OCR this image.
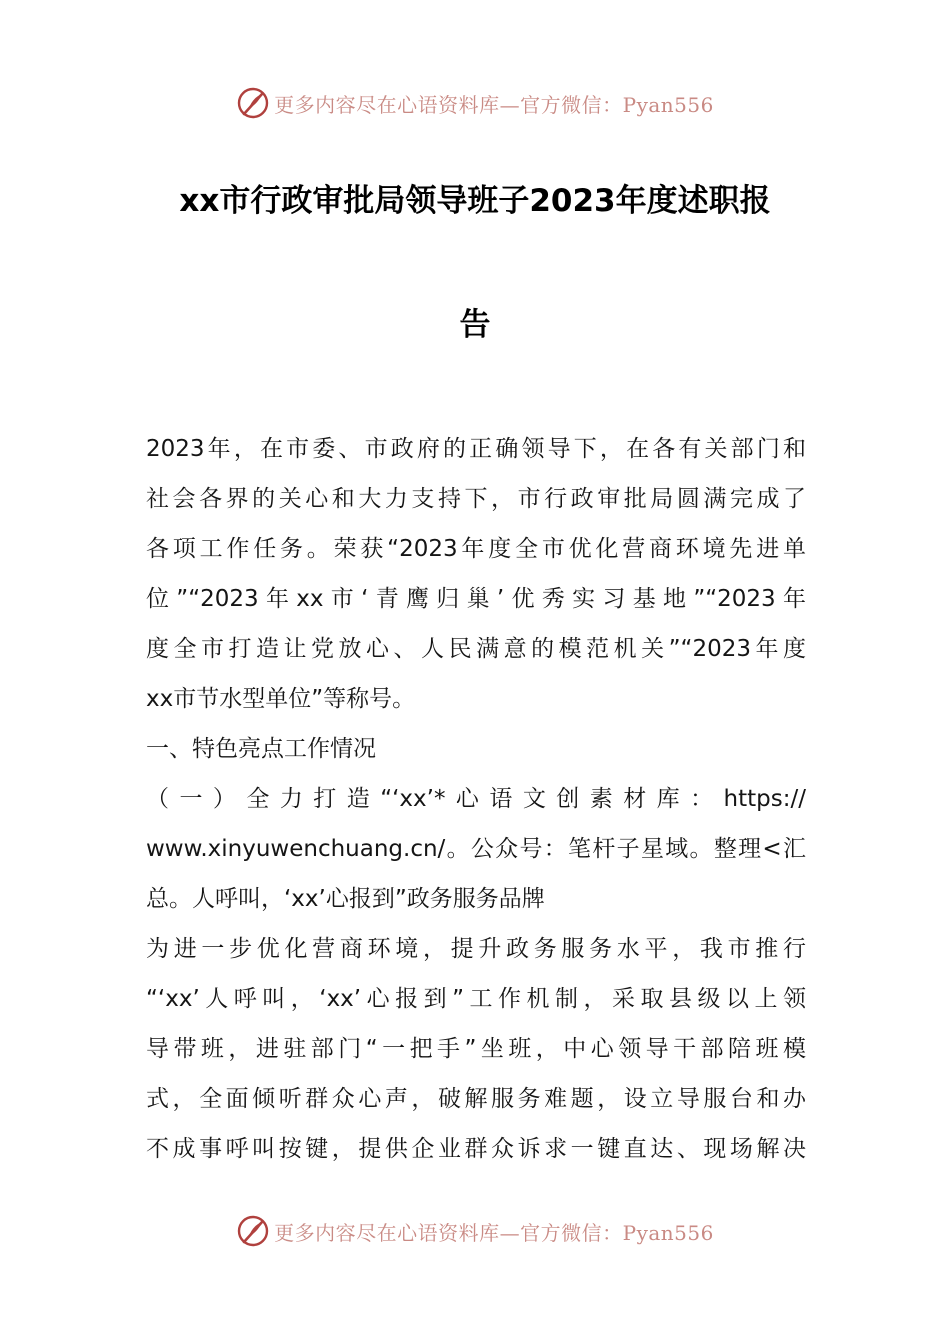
更多内容尽在心语资料库—官方微信：Pyan556
xx市行政审批局领导班子2023年度述职报
告
2023年，在市委、市政府的正确领导下，在各有关部门和
社会各界的关心和大力支持下，市行政审批局圆满完成了
各项工作任务。荣获“2023年度全市优化营商环境先进单
位”“2023年xx市‘青鹰归巢’优秀实习基地”“2023年
度全市打造让党放心、人民满意的模范机关”“2023年度
xx市节水型单位”等称号。
一、特色亮点工作情况
（一）全力打造“‘xx’*心语文创素材库：https://
www.xinyuwenchuang.cn/。公众号：笔杆子星域。整理<汇
总。人呼叫，‘xx’心报到”政务服务品牌
为进一步优化营商环境，提升政务服务水平，我市推行
“‘xx’人呼叫，‘xx’心报到”工作机制，采取县级以上领
导带班，进驻部门“一把手”坐班，中心领导干部陪班模
式，全面倾听群众心声，破解服务难题，设立导服台和办
不成事呼叫按键，提供企业群众诉求一键直达、现场解决
更多内容尽在心语资料库—官方微信：Pyan556
